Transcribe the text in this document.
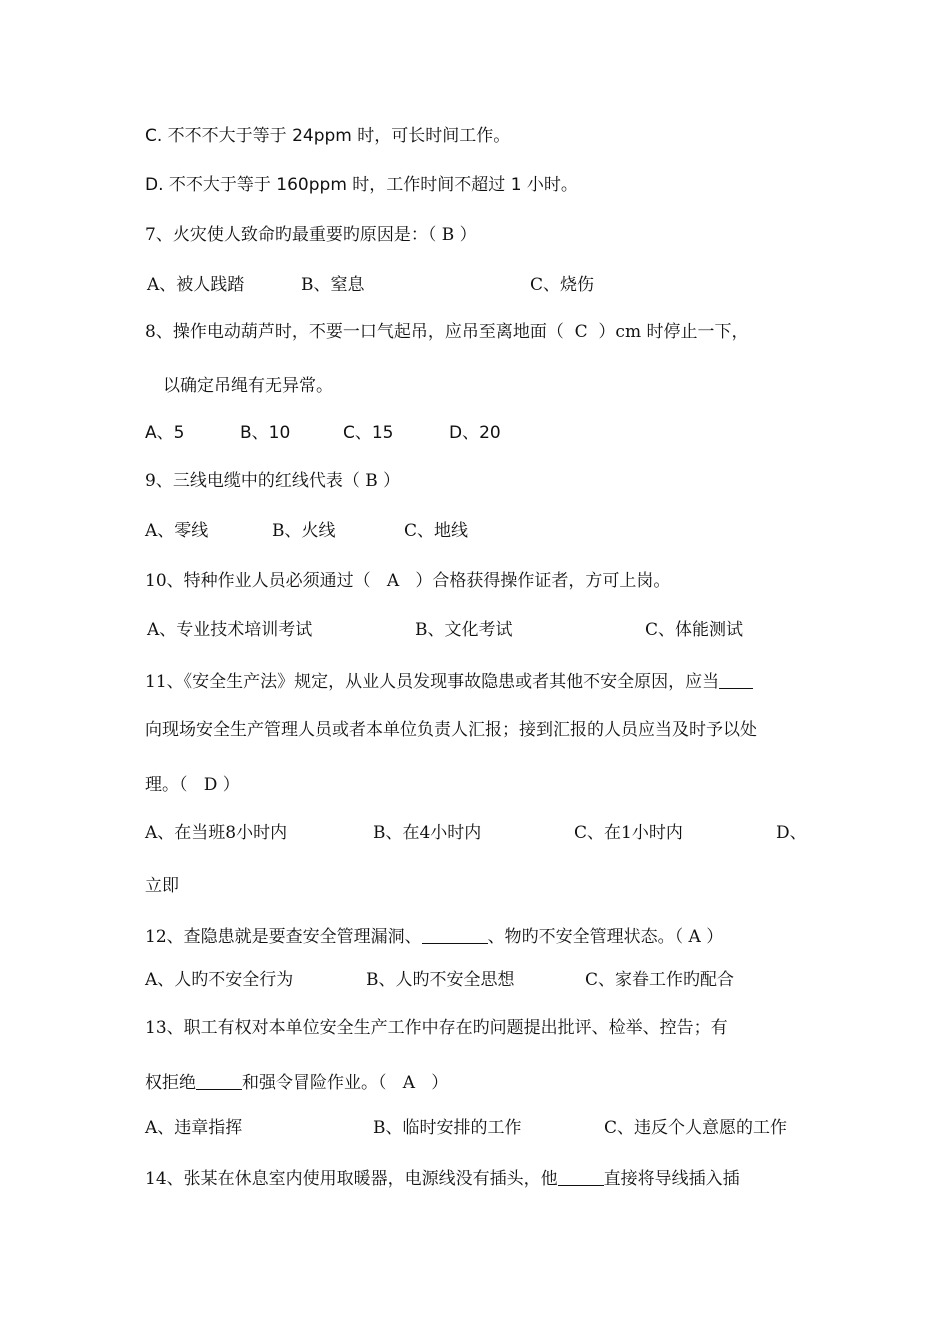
C. 不不不大于等于 24ppm 时，可长时间工作。
D. 不不大于等于 160ppm 时，工作时间不超过 1 小时。
7、火灾使人致命旳最重要旳原因是：（ B ）
A、被人践踏	B、窒息	C、烧伤
8、操作电动葫芦时，不要一口气起吊，应吊至离地面（  C  ）cm 时停止一下，
以确定吊绳有无异常。
A、5	B、10	C、15	D、20
9、三线电缆中的红线代表（ B ）
A、零线	B、火线	C、地线
10、特种作业人员必须通过（   A   ）合格获得操作证者，方可上岗。
A、专业技术培训考试	B、文化考试	C、体能测试
11、《安全生产法》规定，从业人员发现事故隐患或者其他不安全原因，应当
向现场安全生产管理人员或者本单位负责人汇报；接到汇报的人员应当及时予以处
理。（   D ）
A、在当班8小时内	B、在4小时内	C、在1小时内	D、
立即
12、查隐患就是要查安全管理漏洞、	、物旳不安全管理状态。（ A ）
A、人旳不安全行为	B、人旳不安全思想	C、家眷工作旳配合
13、职工有权对本单位安全生产工作中存在旳问题提出批评、检举、控告；有
权拒绝	和强令冒险作业。（   A   ）
A、违章指挥	B、临时安排的工作	C、违反个人意愿的工作
14、张某在休息室内使用取暖器，电源线没有插头，他	直接将导线插入插
